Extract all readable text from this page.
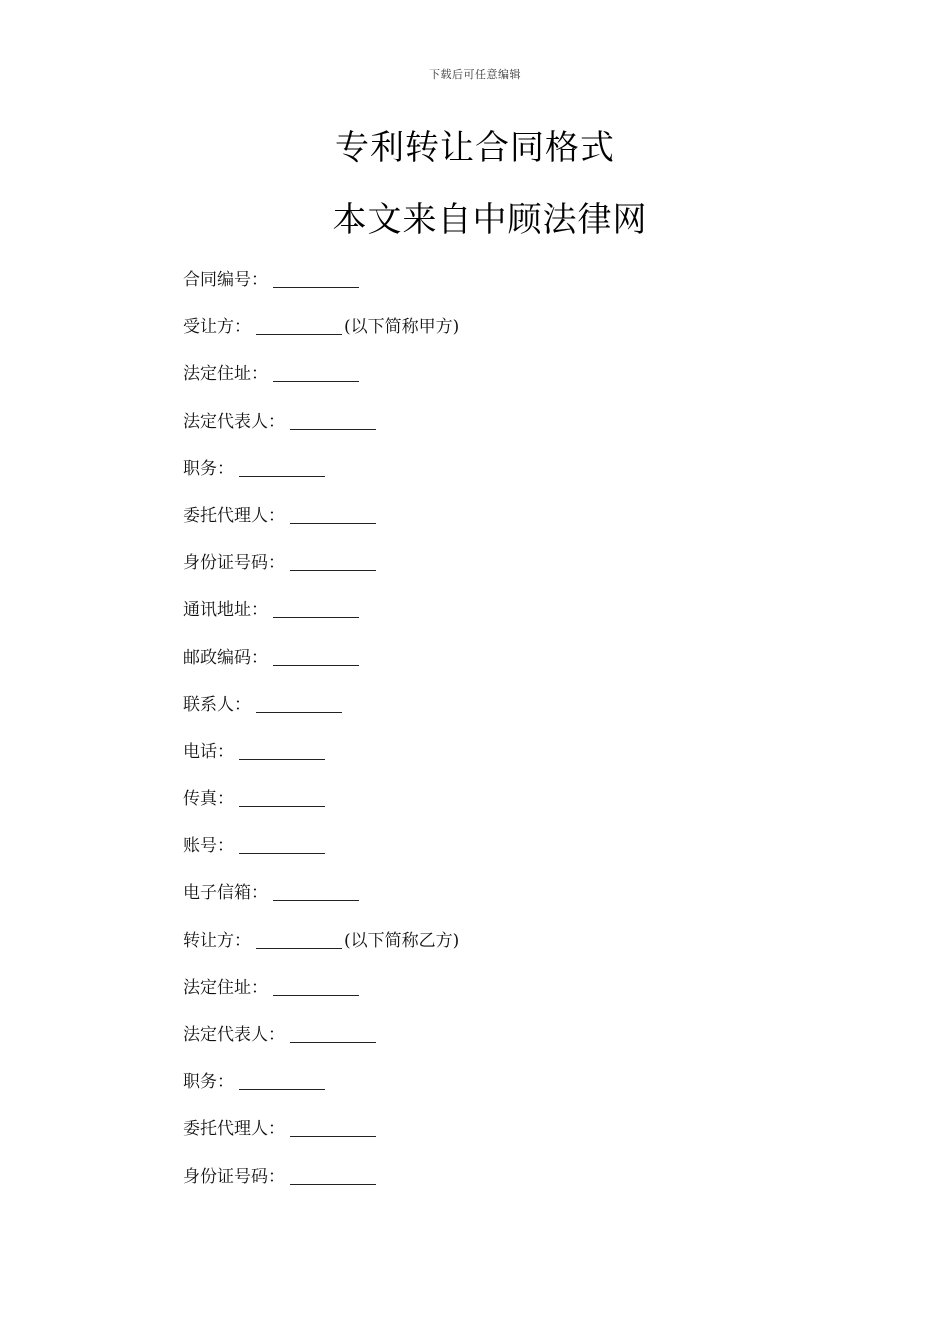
下载后可任意编辑
专利转让合同格式
本文来自中顾法律网
合同编号 ：
受让方 ：	(以下简称甲方)
法定住址 ：
法定代表人 ：
职务 ：
委托代理人 ：
身份证号码 ：
通讯地址 ：
邮政编码 ：
联系人 ：
电话 ：
传真 ：
账号 ：
电子信箱 ：
转让方 ：	(以下简称乙方)
法定住址 ：
法定代表人 ：
职务 ：
委托代理人 ：
身份证号码 ：
